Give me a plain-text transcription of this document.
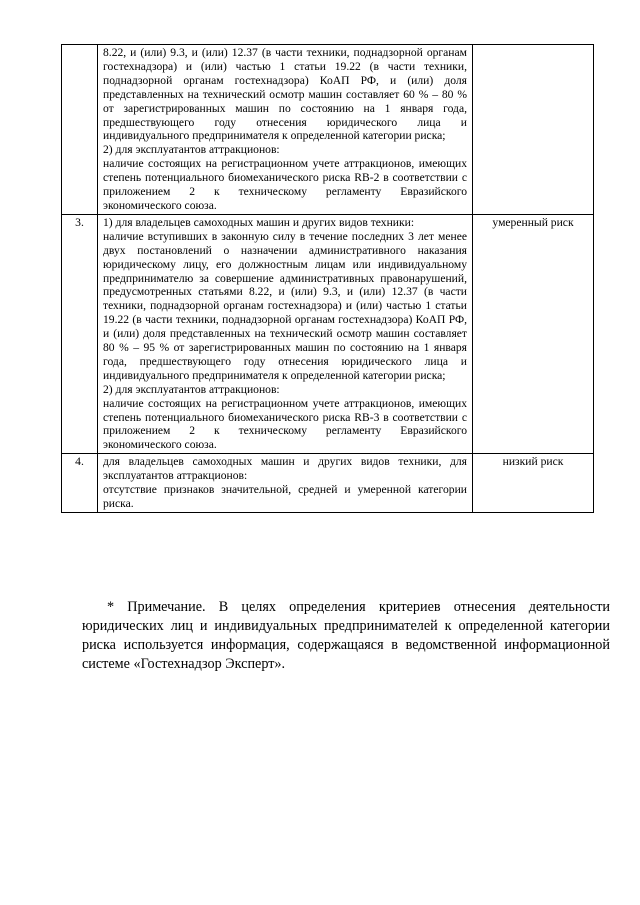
	8.22, и (или) 9.3, и (или) 12.37 (в части техники, поднадзорной органам гостехнадзора) и (или) частью 1 статьи 19.22 (в части техники, поднадзорной органам гостехнадзора) КоАП РФ, и (или) доля представленных на технический осмотр машин составляет 60 % – 80 % от зарегистрированных машин по состоянию на 1 января года, предшествующего году отнесения юридического лица и индивидуального предпринимателя к определенной категории риска;
2) для эксплуатантов аттракционов:
наличие состоящих на регистрационном учете аттракционов, имеющих степень потенциального биомеханического риска RB-2 в соответствии с приложением 2 к техническому регламенту Евразийского экономического союза.	

3.	1) для владельцев самоходных машин и других видов техники:
наличие вступивших в законную силу в течение последних 3 лет менее двух постановлений о назначении административного наказания юридическому лицу, его должностным лицам или индивидуальному предпринимателю за совершение административных правонарушений, предусмотренных статьями 8.22, и (или) 9.3, и (или) 12.37 (в части техники, поднадзорной органам гостехнадзора) и (или) частью 1 статьи 19.22 (в части техники, поднадзорной органам гостехнадзора) КоАП РФ, и (или) доля представленных на технический осмотр машин составляет 80 % – 95 % от зарегистрированных машин по состоянию на 1 января года, предшествующего году отнесения юридического лица и индивидуального предпринимателя к определенной категории риска;
2) для эксплуатантов аттракционов:
наличие состоящих на регистрационном учете аттракционов, имеющих степень потенциального биомеханического риска RB-3 в соответствии с приложением 2 к техническому регламенту Евразийского экономического союза.	умеренный риск
4.	для владельцев самоходных машин и других видов техники, для эксплуатантов аттракционов:
отсутствие признаков значительной, средней и умеренной категории риска.	низкий риск

* Примечание. В целях определения критериев отнесения деятельности юридических лиц и индивидуальных предпринимателей к определенной категории риска используется информация, содержащаяся в ведомственной информационной системе «Гостехнадзор Эксперт».
